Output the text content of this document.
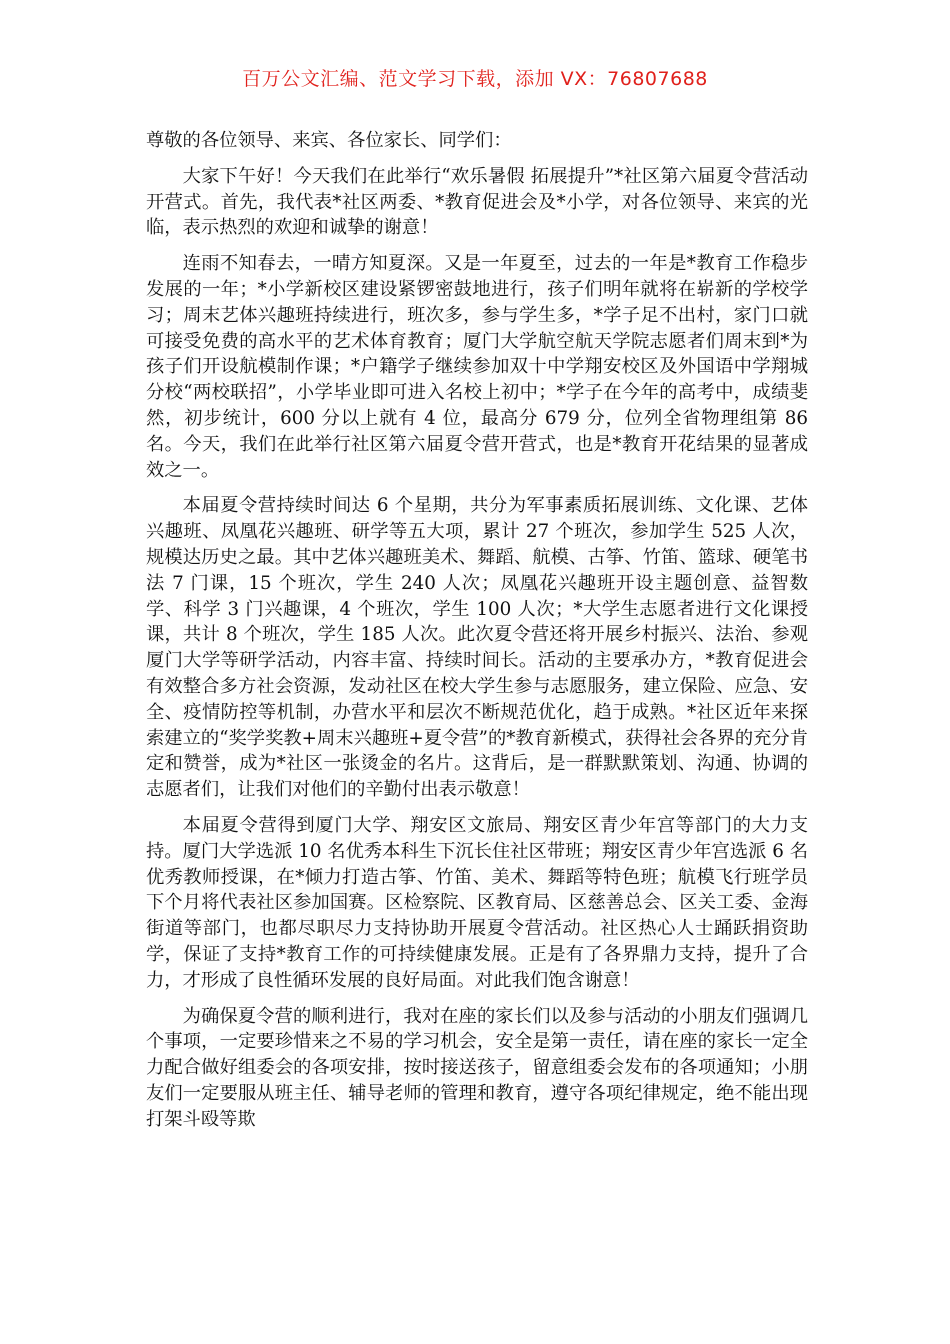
百万公文汇编、范文学习下载，添加 VX：76807688

尊敬的各位领导、来宾、各位家长、同学们：

大家下午好！今天我们在此举行“欢乐暑假 拓展提升”*社区第六届夏令营活动开营式。首先，我代表*社区两委、*教育促进会及*小学，对各位领导、来宾的光临，表示热烈的欢迎和诚挚的谢意！

连雨不知春去，一晴方知夏深。又是一年夏至，过去的一年是*教育工作稳步发展的一年；*小学新校区建设紧锣密鼓地进行，孩子们明年就将在崭新的学校学习；周末艺体兴趣班持续进行，班次多，参与学生多，*学子足不出村，家门口就可接受免费的高水平的艺术体育教育；厦门大学航空航天学院志愿者们周末到*为孩子们开设航模制作课；*户籍学子继续参加双十中学翔安校区及外国语中学翔城分校“两校联招”，小学毕业即可进入名校上初中；*学子在今年的高考中，成绩斐然，初步统计，600 分以上就有 4 位，最高分 679 分，位列全省物理组第 86 名。今天，我们在此举行社区第六届夏令营开营式，也是*教育开花结果的显著成效之一。

本届夏令营持续时间达 6 个星期，共分为军事素质拓展训练、文化课、艺体兴趣班、凤凰花兴趣班、研学等五大项，累计 27 个班次，参加学生 525 人次，规模达历史之最。其中艺体兴趣班美术、舞蹈、航模、古筝、竹笛、篮球、硬笔书法 7 门课，15 个班次，学生 240 人次；凤凰花兴趣班开设主题创意、益智数学、科学 3 门兴趣课，4 个班次，学生 100 人次；*大学生志愿者进行文化课授课，共计 8 个班次，学生 185 人次。此次夏令营还将开展乡村振兴、法治、参观厦门大学等研学活动，内容丰富、持续时间长。活动的主要承办方，*教育促进会有效整合多方社会资源，发动社区在校大学生参与志愿服务，建立保险、应急、安全、疫情防控等机制，办营水平和层次不断规范优化，趋于成熟。*社区近年来探索建立的“奖学奖教+周末兴趣班+夏令营”的*教育新模式，获得社会各界的充分肯定和赞誉，成为*社区一张烫金的名片。这背后，是一群默默策划、沟通、协调的志愿者们，让我们对他们的辛勤付出表示敬意！

本届夏令营得到厦门大学、翔安区文旅局、翔安区青少年宫等部门的大力支持。厦门大学选派 10 名优秀本科生下沉长住社区带班；翔安区青少年宫选派 6 名优秀教师授课，在*倾力打造古筝、竹笛、美术、舞蹈等特色班；航模飞行班学员下个月将代表社区参加国赛。区检察院、区教育局、区慈善总会、区关工委、金海街道等部门，也都尽职尽力支持协助开展夏令营活动。社区热心人士踊跃捐资助学，保证了支持*教育工作的可持续健康发展。正是有了各界鼎力支持，提升了合力，才形成了良性循环发展的良好局面。对此我们饱含谢意！

为确保夏令营的顺利进行，我对在座的家长们以及参与活动的小朋友们强调几个事项，一定要珍惜来之不易的学习机会，安全是第一责任，请在座的家长一定全力配合做好组委会的各项安排，按时接送孩子，留意组委会发布的各项通知；小朋友们一定要服从班主任、辅导老师的管理和教育，遵守各项纪律规定，绝不能出现打架斗殴等欺
